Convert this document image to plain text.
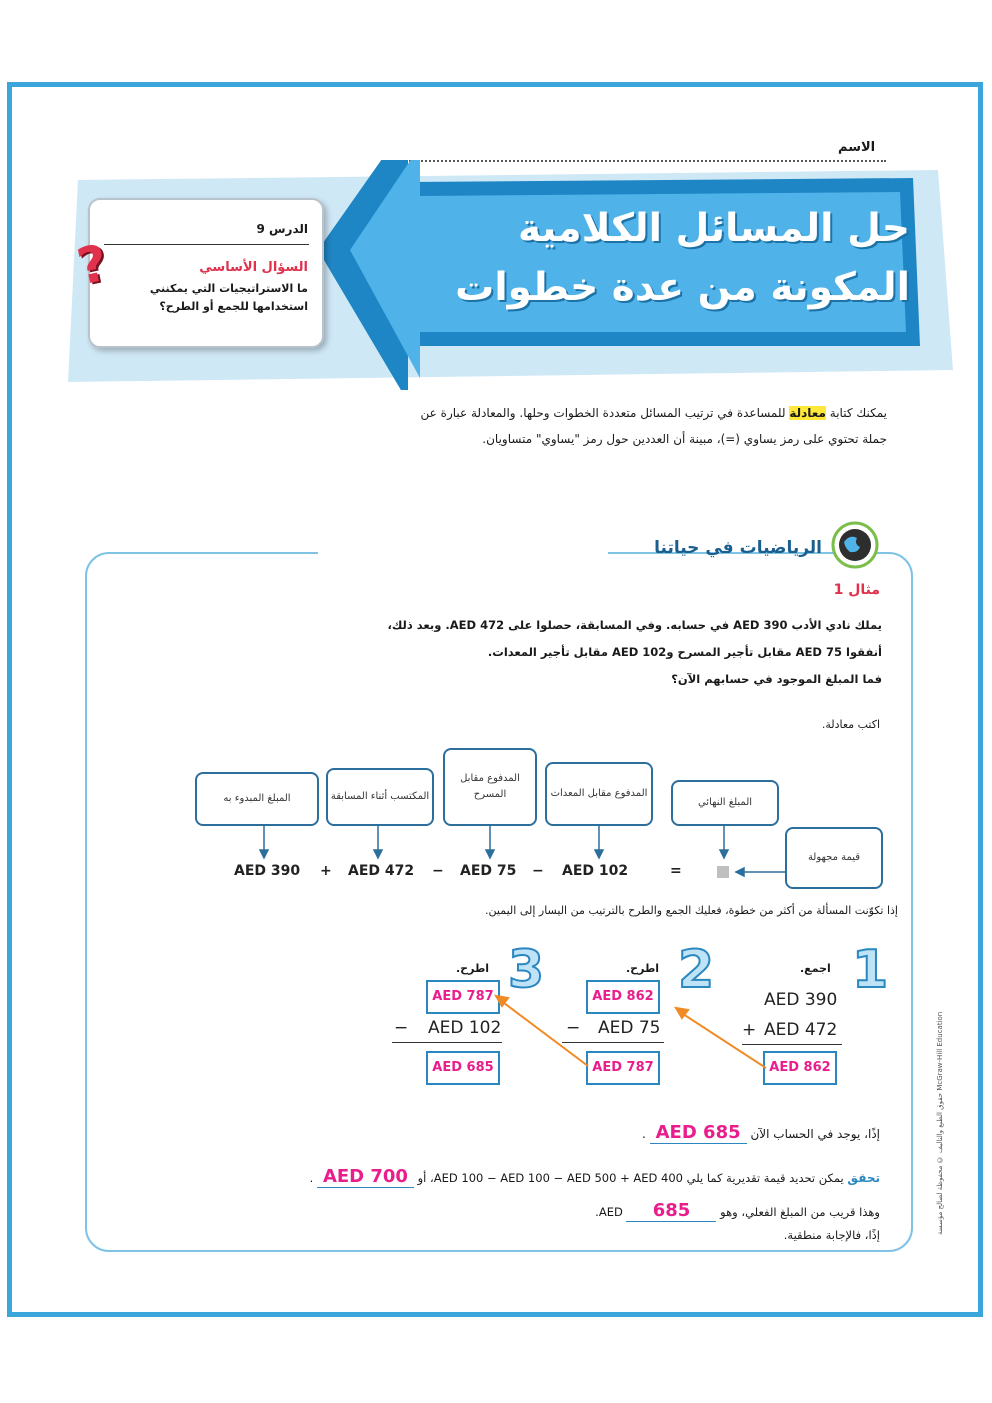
الاسم
حقوق الطبع والتأليف © محفوظة لصالح مؤسسة McGraw-Hill Education
حل المسائل الكلامية
المكونة من عدة خطوات
الدرس 9
السؤال الأساسي
ما الاستراتيجيات التي يمكنني استخدامها للجمع أو الطرح؟
?
يمكنك كتابة معادلة للمساعدة في ترتيب المسائل متعددة الخطوات وحلها. والمعادلة عبارة عن جملة تحتوي على رمز يساوي (=)، مبينة أن العددين حول رمز "يساوي" متساويان.
الرياضيات في حياتنا
مثال 1
يملك نادي الأدب 390 AED في حسابه. وفي المسابقة، حصلوا على 472 AED. وبعد ذلك،
أنفقوا 75 AED مقابل تأجير المسرح و102 AED مقابل تأجير المعدات.
فما المبلغ الموجود في حسابهم الآن؟
اكتب معادلة.
المبلغ المبدوء به	المكتسب أثناء المسابقة
المدفوع مقابل المسرح	المدفوع مقابل المعدات
المبلغ النهائي
قيمة مجهولة
AED 390 + AED 472 − AED 75 − AED 102	=
إذا تكوّنت المسألة من أكثر من خطوة، فعليك الجمع والطرح بالترتيب من اليسار إلى اليمين.
1
اجمع.
AED 390
+ AED 472
AED 862
2
اطرح.
AED 862
− AED 75
AED 787
3
اطرح.
AED 787
− AED 102
AED 685
إذًا، يوجد في الحساب الآن AED 685 .
تحقق يمكن تحديد قيمة تقديرية كما يلي AED 100 − AED 100 − AED 500 + AED 400، أو AED 700 .
وهذا قريب من المبلغ الفعلي، وهو 685 AED.
إذًا، فالإجابة منطقية.
